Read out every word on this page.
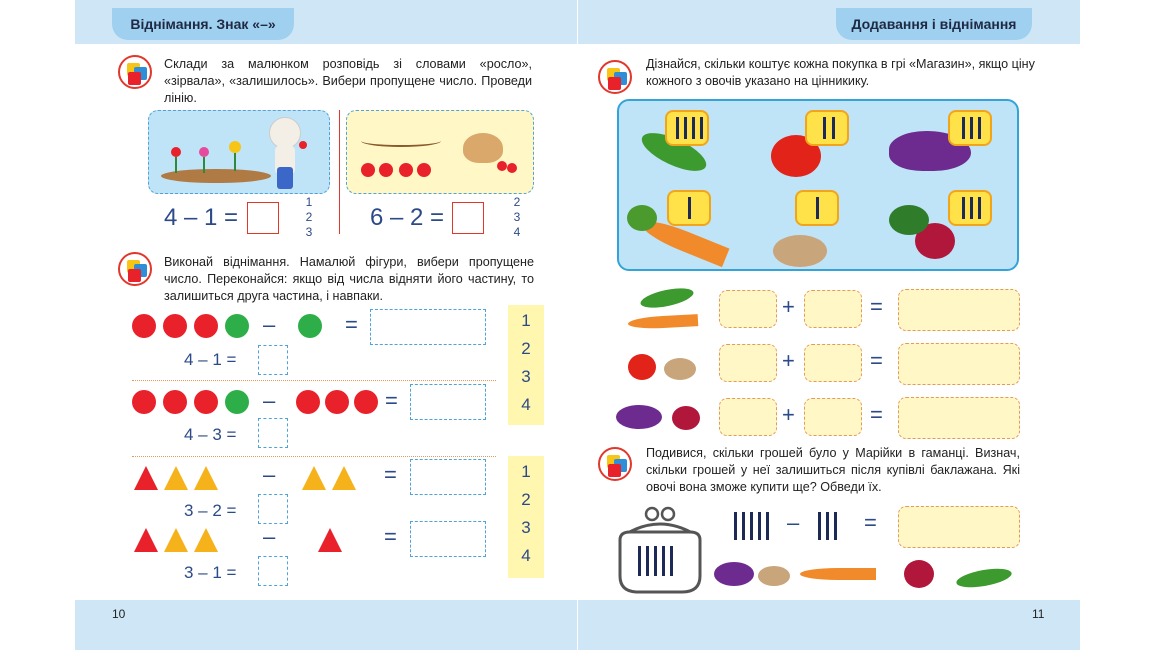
Віднімання. Знак «–»	Додавання і віднімання
10	11
Склади за малюнком розповідь зі словами «росло», «зірвала», «залишилось». Вибери пропущене число. Проведи лінію.
4 – 1 =
1
2
3
6 – 2 =
2
3
4
Виконай віднімання. Намалюй фігури, вибери пропущене число. Переконайся: якщо від числа відняти його частину, то залишиться друга частина, і навпаки.
–	=
4 – 1 =
–	=
4 – 3 =
1
2
3
4
–	=
3 – 2 =
–	=
3 – 1 =
1
2
3
4
Дізнайся, скільки коштує кожна покупка в грі «Магазин», якщо ціну кожного з овочів указано на цінникику.
+	=
+	=
+	=
Подивися, скільки грошей було у Марійки в гаманці. Визнач, скільки грошей у неї залишиться після купівлі баклажана. Які овочі вона зможе купити ще? Обведи їх.
–	=
